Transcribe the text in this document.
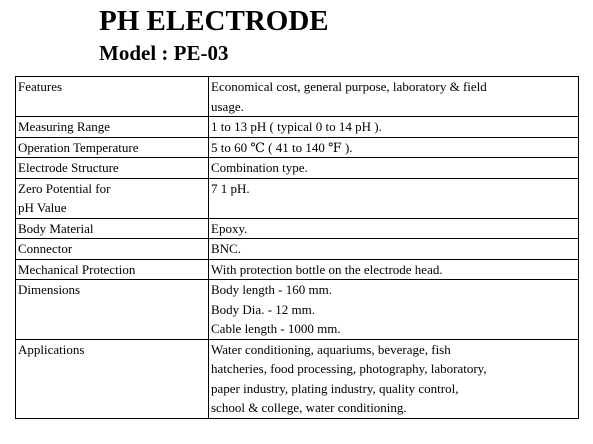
PH ELECTRODE
Model : PE-03
Features	Economical cost, general purpose, laboratory & field
usage.

Measuring Range	1 to 13 pH ( typical 0 to 14 pH ).

Operation Temperature	5 to 60 ℃ ( 41 to 140 ℉ ).

Electrode Structure	Combination type.

Zero Potential for
pH Value	7 1 pH.

Body Material	Epoxy.

Connector	BNC.

Mechanical Protection	With protection bottle on the electrode head.

Dimensions	Body length - 160 mm.
Body Dia. - 12 mm.
Cable length - 1000 mm.

Applications	Water conditioning, aquariums, beverage, fish
hatcheries, food processing, photography, laboratory,
paper industry, plating industry, quality control,
school & college, water conditioning.
